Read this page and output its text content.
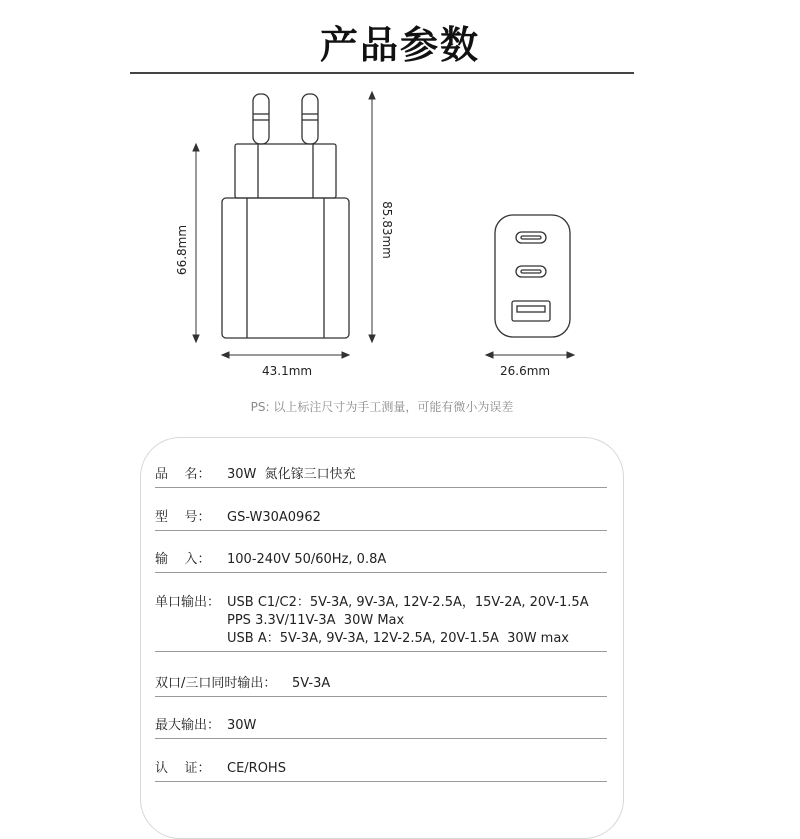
产品参数
66.8mm	85.83mm
43.1mm	26.6mm
PS: 以上标注尺寸为手工测量，可能有微小为误差
品    名： 30W  氮化镓三口快充
型    号： GS-W30A0962
输    入： 100-240V 50/60Hz, 0.8A
单口输出： USB C1/C2：5V-3A, 9V-3A, 12V-2.5A，15V-2A, 20V-1.5A
PPS 3.3V/11V-3A  30W Max
USB A：5V-3A, 9V-3A, 12V-2.5A, 20V-1.5A  30W max
双口/三口同时输出： 5V-3A
最大输出： 30W
认    证： CE/ROHS
